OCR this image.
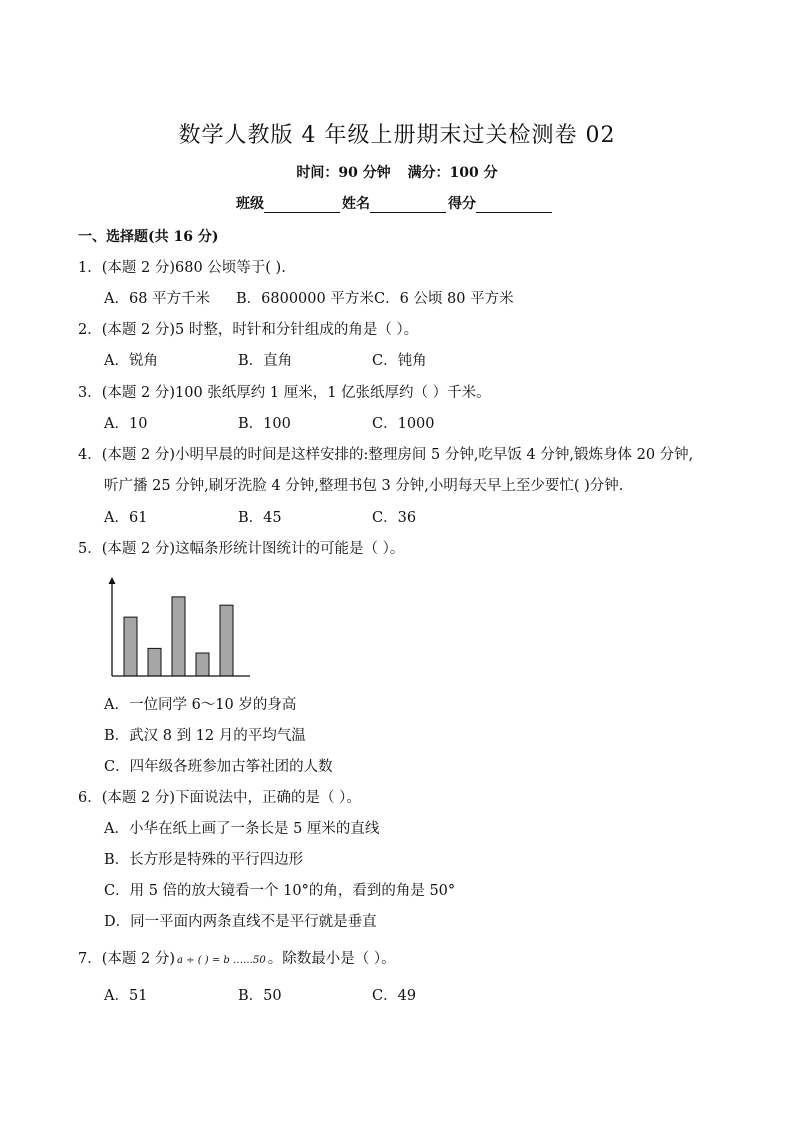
数学人教版 4 年级上册期末过关检测卷 02
时间：90 分钟 满分：100 分
班级	姓名	得分
一、选择题(共 16 分)
1．(本题 2 分)680 公顷等于( ).
A．68 平方千米	B．6800000 平方米 C．6 公顷 80 平方米
2．(本题 2 分)5 时整，时针和分针组成的角是（ ）。
A．锐角	B．直角	C．钝角
3．(本题 2 分)100 张纸厚约 1 厘米，1 亿张纸厚约（ ）千米。
A．10	B．100	C．1000
4．(本题 2 分)小明早晨的时间是这样安排的:整理房间 5 分钟,吃早饭 4 分钟,锻炼身体 20 分钟,
听广播 25 分钟,刷牙洗脸 4 分钟,整理书包 3 分钟,小明每天早上至少要忙( )分钟.
A．61	B．45	C．36
5．(本题 2 分)这幅条形统计图统计的可能是（ ）。
A．一位同学 6～10 岁的身高
B．武汉 8 到 12 月的平均气温
C．四年级各班参加古筝社团的人数
6．(本题 2 分)下面说法中，正确的是（ ）。
A．小华在纸上画了一条长是 5 厘米的直线
B．长方形是特殊的平行四边形
C．用 5 倍的放大镜看一个 10°的角，看到的角是 50°
D．同一平面内两条直线不是平行就是垂直
7．(本题 2 分) a ÷ ( ) = b ……50 。除数最小是（ ）。
A．51	B．50	C．49
